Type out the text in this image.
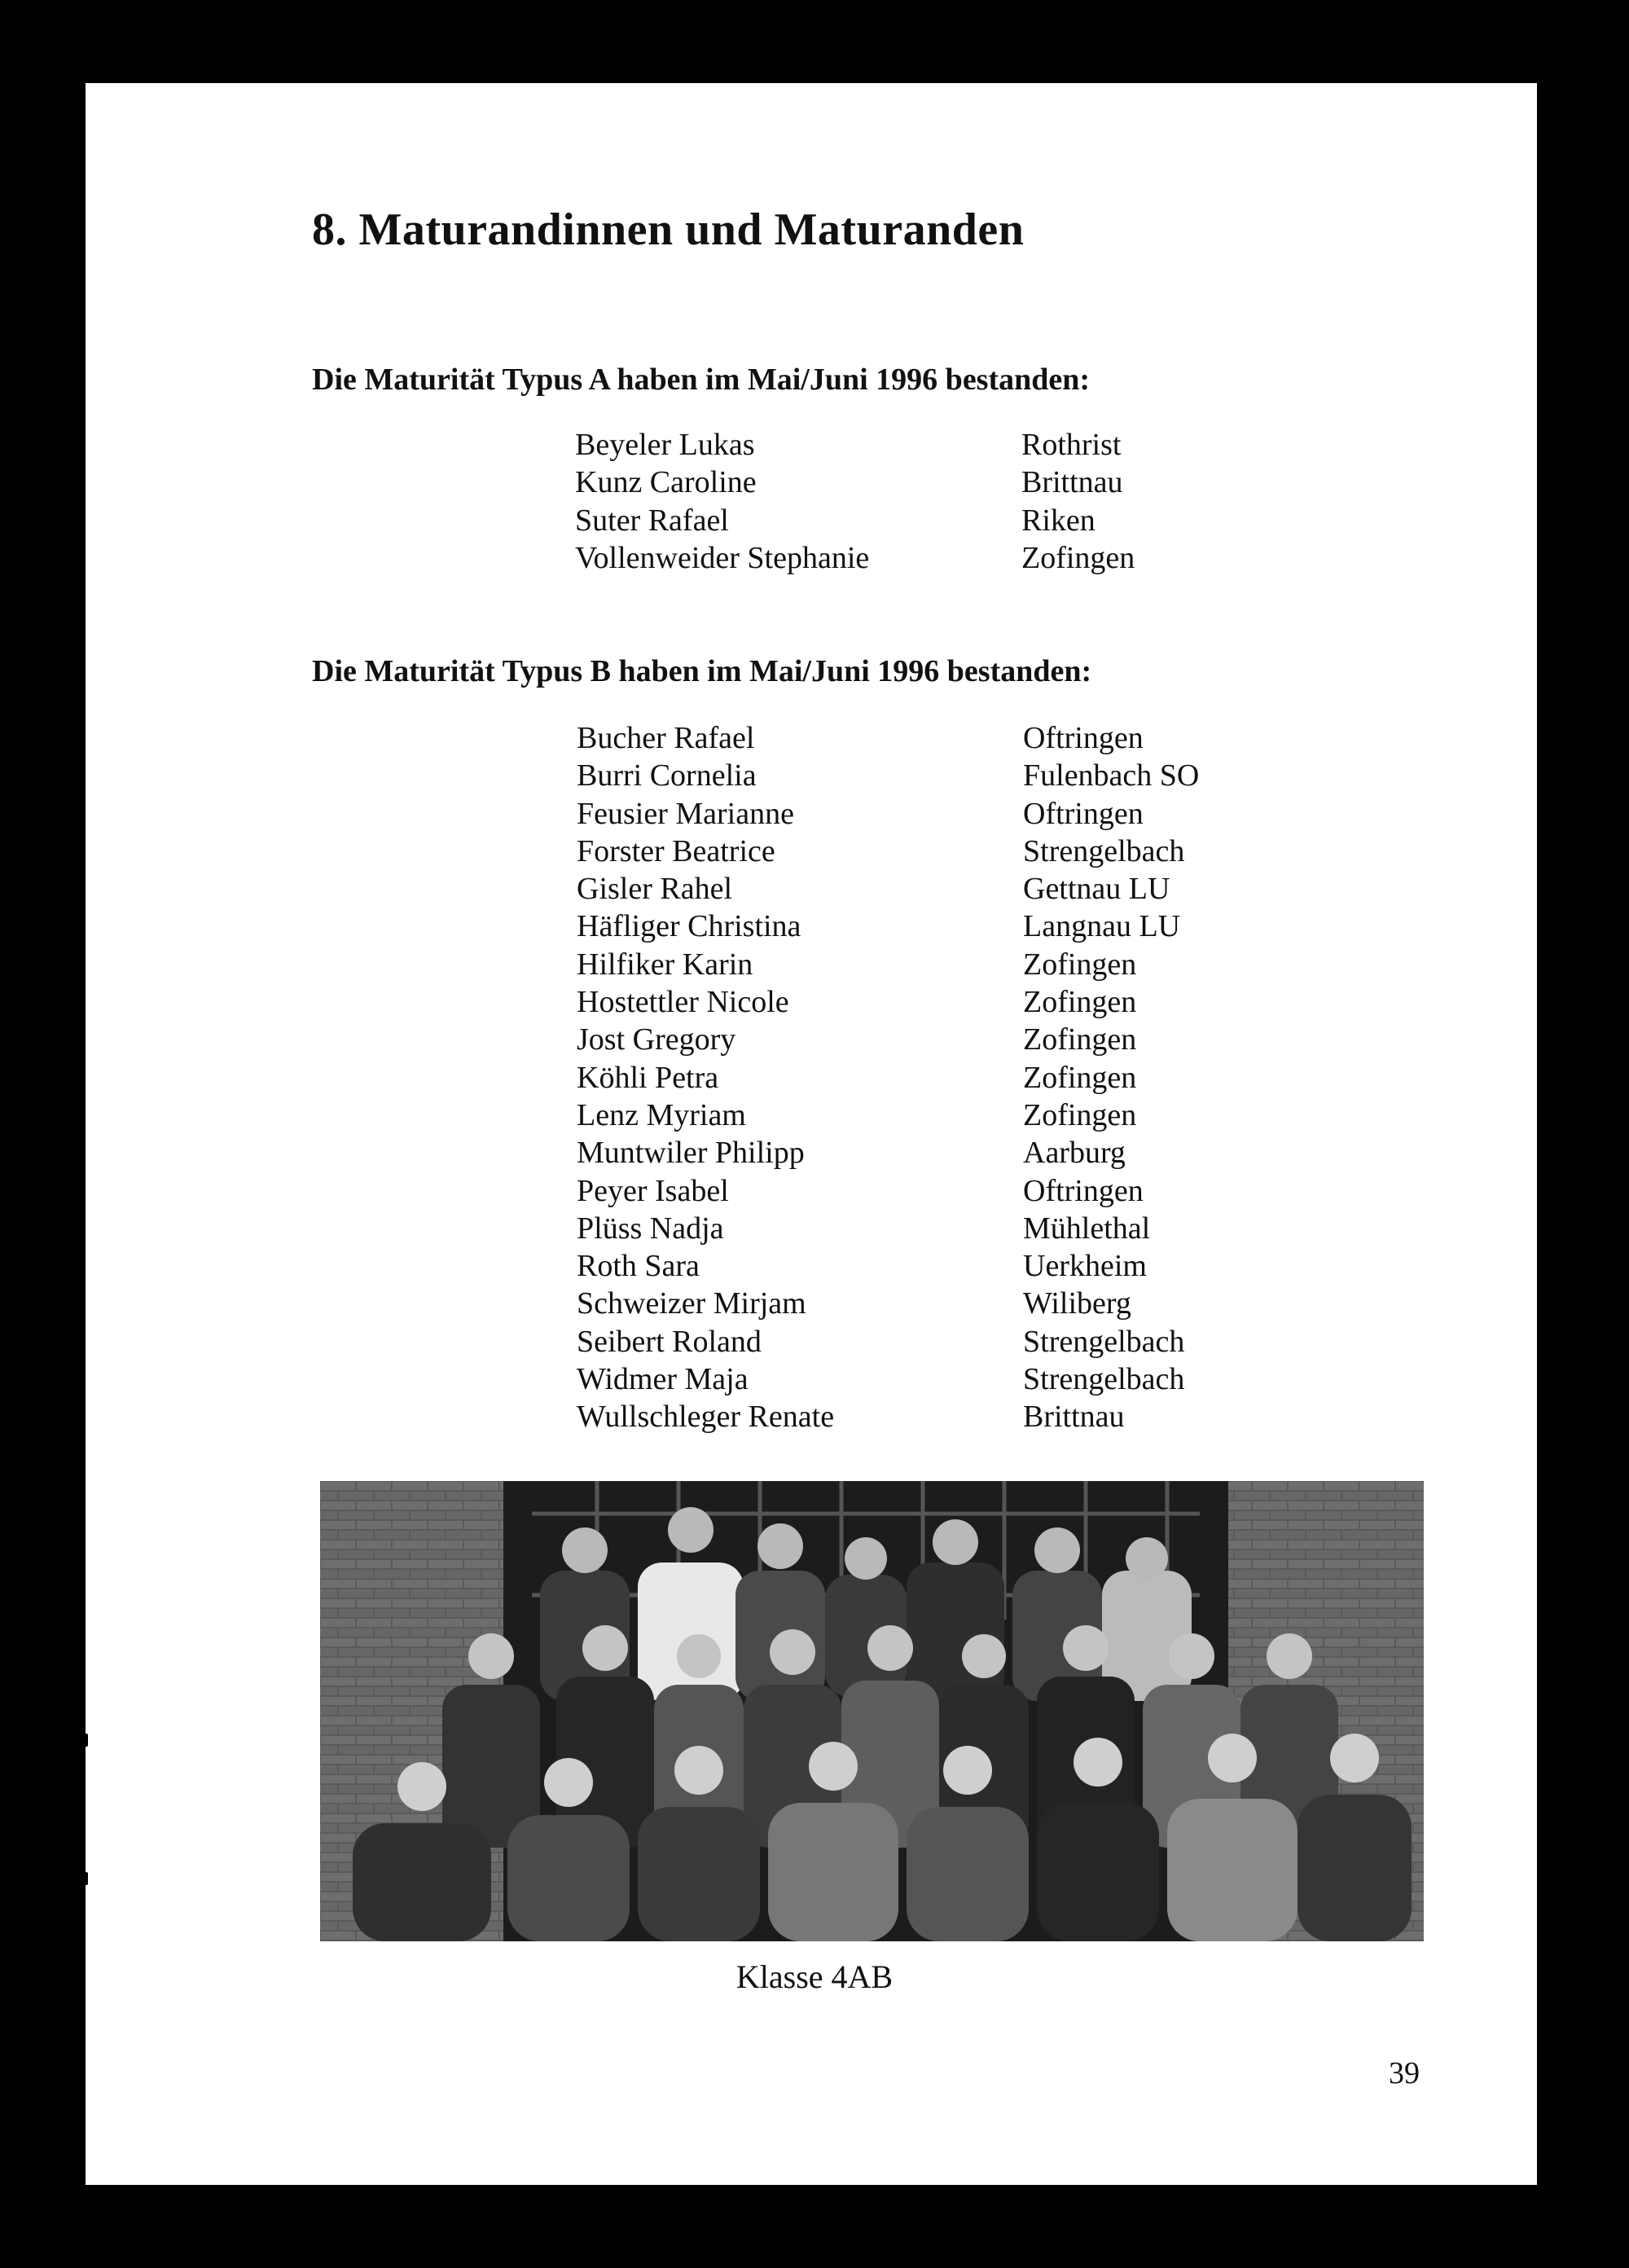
8. Maturandinnen und Maturanden
Die Maturität Typus A haben im Mai/Juni 1996 bestanden:
Beyeler Lukas	Rothrist
Kunz Caroline	Brittnau
Suter Rafael	Riken
Vollenweider Stephanie	Zofingen
Die Maturität Typus B haben im Mai/Juni 1996 bestanden:
Bucher Rafael	Oftringen
Burri Cornelia	Fulenbach SO
Feusier Marianne	Oftringen
Forster Beatrice	Strengelbach
Gisler Rahel	Gettnau LU
Häfliger Christina	Langnau LU
Hilfiker Karin	Zofingen
Hostettler Nicole	Zofingen
Jost Gregory	Zofingen
Köhli Petra	Zofingen
Lenz Myriam	Zofingen
Muntwiler Philipp	Aarburg
Peyer Isabel	Oftringen
Plüss Nadja	Mühlethal
Roth Sara	Uerkheim
Schweizer Mirjam	Wiliberg
Seibert Roland	Strengelbach
Widmer Maja	Strengelbach
Wullschleger Renate	Brittnau
Klasse 4AB
39
